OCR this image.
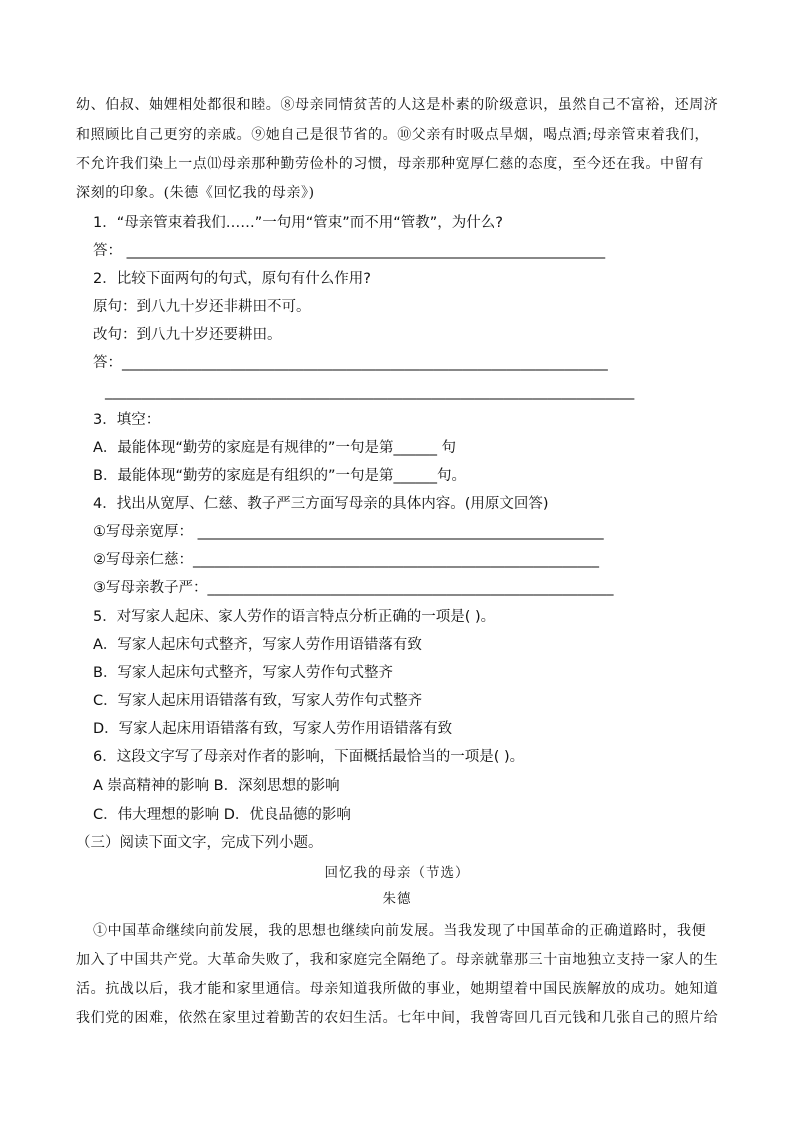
幼、伯叔、妯娌相处都很和睦。⑧母亲同情贫苦的人这是朴素的阶级意识，虽然自己不富裕，还周济
和照顾比自己更穷的亲戚。⑨她自己是很节省的。⑩父亲有时吸点旱烟，喝点酒;母亲管束着我们，
不允许我们染上一点⑾母亲那种勤劳俭朴的习惯，母亲那种宽厚仁慈的态度，至今还在我。中留有
深刻的印象。(朱德《回忆我的母亲》)
1．“母亲管束着我们……”一句用“管束”而不用“管教”，为什么?
答： __________________________________________________________________
2．比较下面两句的句式，原句有什么作用?
原句：到八九十岁还非耕田不可。
改句：到八九十岁还要耕田。
答：___________________________________________________________________
_________________________________________________________________________
3．填空：
A．最能体现“勤劳的家庭是有规律的”一句是第______ 句
B．最能体现“勤劳的家庭是有组织的”一句是第______句。
4．找出从宽厚、仁慈、教子严三方面写母亲的具体内容。(用原文回答)
①写母亲宽厚： ________________________________________________________
②写母亲仁慈：________________________________________________________
③写母亲教子严：________________________________________________________
5．对写家人起床、家人劳作的语言特点分析正确的一项是( )。
A．写家人起床句式整齐，写家人劳作用语错落有致
B．写家人起床句式整齐，写家人劳作句式整齐
C．写家人起床用语错落有致，写家人劳作句式整齐
D．写家人起床用语错落有致，写家人劳作用语错落有致
6．这段文字写了母亲对作者的影响，下面概括最恰当的一项是( )。
A 崇高精神的影响 B．深刻思想的影响
C．伟大理想的影响 D．优良品德的影响
（三）阅读下面文字，完成下列小题。
回忆我的母亲（节选）
朱德
①中国革命继续向前发展，我的思想也继续向前发展。当我发现了中国革命的正确道路时，我便
加入了中国共产党。大革命失败了，我和家庭完全隔绝了。母亲就靠那三十亩地独立支持一家人的生
活。抗战以后，我才能和家里通信。母亲知道我所做的事业，她期望着中国民族解放的成功。她知道
我们党的困难，依然在家里过着勤苦的农妇生活。七年中间，我曾寄回几百元钱和几张自己的照片给
